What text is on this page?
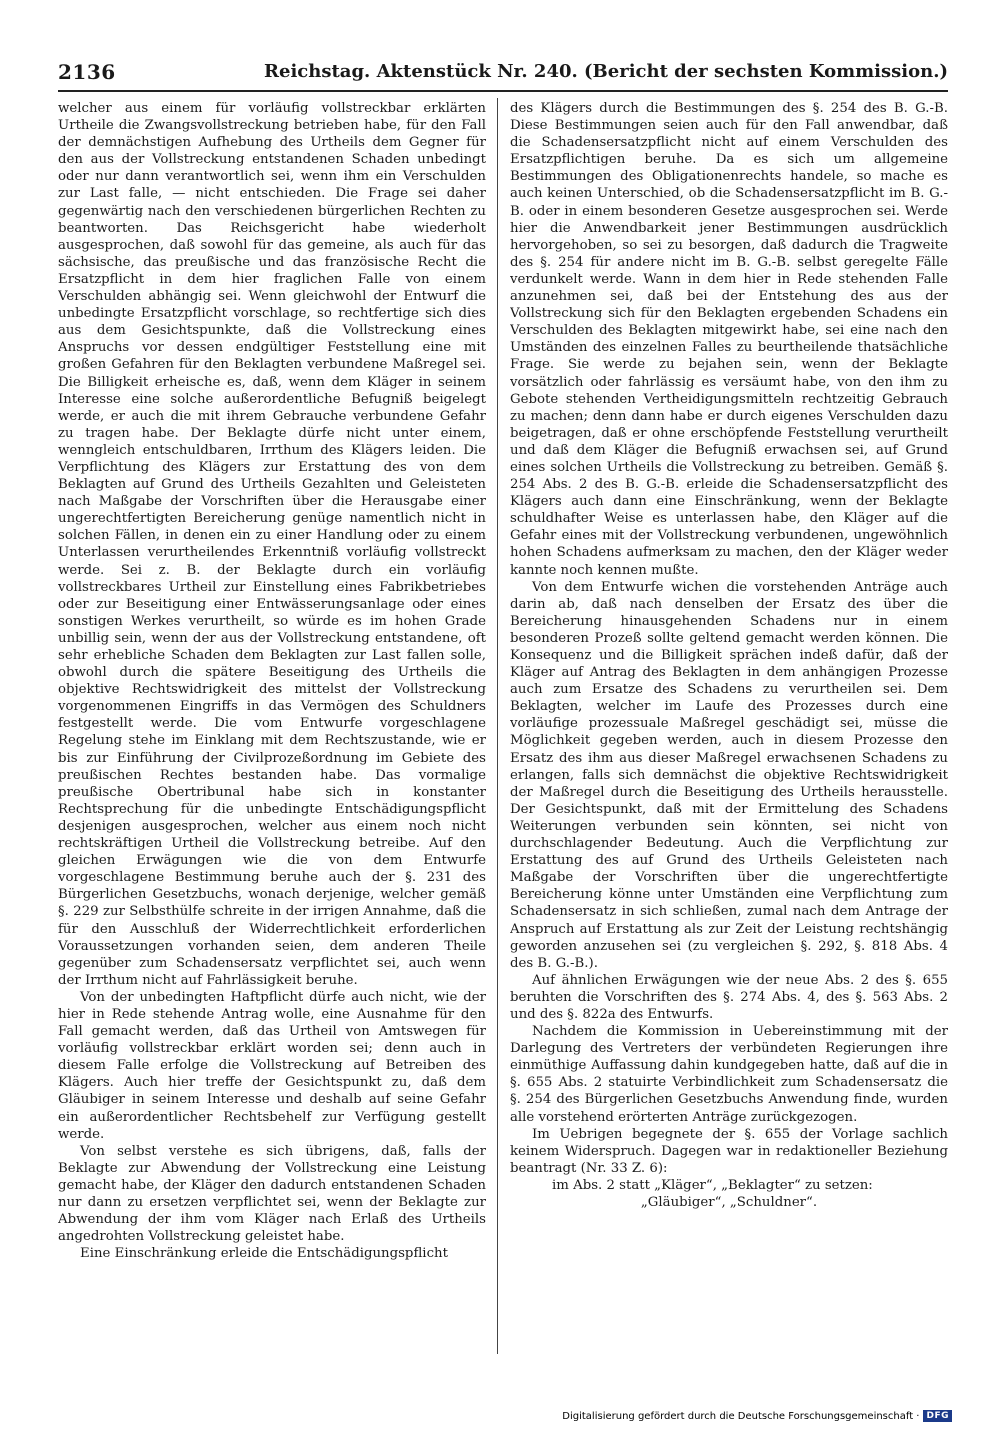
2136	Reichstag. Aktenstück Nr. 240. (Bericht der sechsten Kommission.)

welcher aus einem für vorläufig vollstreckbar erklärten Urtheile die Zwangsvollstreckung betrieben habe, für den Fall der demnächstigen Aufhebung des Urtheils dem Gegner für den aus der Vollstreckung entstandenen Schaden unbedingt oder nur dann verantwortlich sei, wenn ihm ein Verschulden zur Last falle, — nicht entschieden. Die Frage sei daher gegenwärtig nach den verschiedenen bürgerlichen Rechten zu beantworten. Das Reichsgericht habe wiederholt ausgesprochen, daß sowohl für das gemeine, als auch für das sächsische, das preußische und das französische Recht die Ersatzpflicht in dem hier fraglichen Falle von einem Verschulden abhängig sei. Wenn gleichwohl der Entwurf die unbedingte Ersatzpflicht vorschlage, so rechtfertige sich dies aus dem Gesichtspunkte, daß die Vollstreckung eines Anspruchs vor dessen endgültiger Feststellung eine mit großen Gefahren für den Beklagten verbundene Maßregel sei. Die Billigkeit erheische es, daß, wenn dem Kläger in seinem Interesse eine solche außerordentliche Befugniß beigelegt werde, er auch die mit ihrem Gebrauche verbundene Gefahr zu tragen habe. Der Beklagte dürfe nicht unter einem, wenngleich entschuldbaren, Irrthum des Klägers leiden. Die Verpflichtung des Klägers zur Erstattung des von dem Beklagten auf Grund des Urtheils Gezahlten und Geleisteten nach Maßgabe der Vorschriften über die Herausgabe einer ungerechtfertigten Bereicherung genüge namentlich nicht in solchen Fällen, in denen ein zu einer Handlung oder zu einem Unterlassen verurtheilendes Erkenntniß vorläufig vollstreckt werde. Sei z. B. der Beklagte durch ein vorläufig vollstreckbares Urtheil zur Einstellung eines Fabrikbetriebes oder zur Beseitigung einer Entwässerungsanlage oder eines sonstigen Werkes verurtheilt, so würde es im hohen Grade unbillig sein, wenn der aus der Vollstreckung entstandene, oft sehr erhebliche Schaden dem Beklagten zur Last fallen solle, obwohl durch die spätere Beseitigung des Urtheils die objektive Rechtswidrigkeit des mittelst der Vollstreckung vorgenommenen Eingriffs in das Vermögen des Schuldners festgestellt werde. Die vom Entwurfe vorgeschlagene Regelung stehe im Einklang mit dem Rechtszustande, wie er bis zur Einführung der Civilprozeßordnung im Gebiete des preußischen Rechtes bestanden habe. Das vormalige preußische Obertribunal habe sich in konstanter Rechtsprechung für die unbedingte Entschädigungspflicht desjenigen ausgesprochen, welcher aus einem noch nicht rechtskräftigen Urtheil die Vollstreckung betreibe. Auf den gleichen Erwägungen wie die von dem Entwurfe vorgeschlagene Bestimmung beruhe auch der §. 231 des Bürgerlichen Gesetzbuchs, wonach derjenige, welcher gemäß §. 229 zur Selbsthülfe schreite in der irrigen Annahme, daß die für den Ausschluß der Widerrechtlichkeit erforderlichen Voraussetzungen vorhanden seien, dem anderen Theile gegenüber zum Schadensersatz verpflichtet sei, auch wenn der Irrthum nicht auf Fahrlässigkeit beruhe.

Von der unbedingten Haftpflicht dürfe auch nicht, wie der hier in Rede stehende Antrag wolle, eine Ausnahme für den Fall gemacht werden, daß das Urtheil von Amtswegen für vorläufig vollstreckbar erklärt worden sei; denn auch in diesem Falle erfolge die Vollstreckung auf Betreiben des Klägers. Auch hier treffe der Gesichtspunkt zu, daß dem Gläubiger in seinem Interesse und deshalb auf seine Gefahr ein außerordentlicher Rechtsbehelf zur Verfügung gestellt werde.

Von selbst verstehe es sich übrigens, daß, falls der Beklagte zur Abwendung der Vollstreckung eine Leistung gemacht habe, der Kläger den dadurch entstandenen Schaden nur dann zu ersetzen verpflichtet sei, wenn der Beklagte zur Abwendung der ihm vom Kläger nach Erlaß des Urtheils angedrohten Vollstreckung geleistet habe.

Eine Einschränkung erleide die Entschädigungspflicht

des Klägers durch die Bestimmungen des §. 254 des B. G.-B. Diese Bestimmungen seien auch für den Fall anwendbar, daß die Schadensersatzpflicht nicht auf einem Verschulden des Ersatzpflichtigen beruhe. Da es sich um allgemeine Bestimmungen des Obligationenrechts handele, so mache es auch keinen Unterschied, ob die Schadensersatzpflicht im B. G.-B. oder in einem besonderen Gesetze ausgesprochen sei. Werde hier die Anwendbarkeit jener Bestimmungen ausdrücklich hervorgehoben, so sei zu besorgen, daß dadurch die Tragweite des §. 254 für andere nicht im B. G.-B. selbst geregelte Fälle verdunkelt werde. Wann in dem hier in Rede stehenden Falle anzunehmen sei, daß bei der Entstehung des aus der Vollstreckung sich für den Beklagten ergebenden Schadens ein Verschulden des Beklagten mitgewirkt habe, sei eine nach den Umständen des einzelnen Falles zu beurtheilende thatsächliche Frage. Sie werde zu bejahen sein, wenn der Beklagte vorsätzlich oder fahrlässig es versäumt habe, von den ihm zu Gebote stehenden Vertheidigungsmitteln rechtzeitig Gebrauch zu machen; denn dann habe er durch eigenes Verschulden dazu beigetragen, daß er ohne erschöpfende Feststellung verurtheilt und daß dem Kläger die Befugniß erwachsen sei, auf Grund eines solchen Urtheils die Vollstreckung zu betreiben. Gemäß §. 254 Abs. 2 des B. G.-B. erleide die Schadensersatzpflicht des Klägers auch dann eine Einschränkung, wenn der Beklagte schuldhafter Weise es unterlassen habe, den Kläger auf die Gefahr eines mit der Vollstreckung verbundenen, ungewöhnlich hohen Schadens aufmerksam zu machen, den der Kläger weder kannte noch kennen mußte.

Von dem Entwurfe wichen die vorstehenden Anträge auch darin ab, daß nach denselben der Ersatz des über die Bereicherung hinausgehenden Schadens nur in einem besonderen Prozeß sollte geltend gemacht werden können. Die Konsequenz und die Billigkeit sprächen indeß dafür, daß der Kläger auf Antrag des Beklagten in dem anhängigen Prozesse auch zum Ersatze des Schadens zu verurtheilen sei. Dem Beklagten, welcher im Laufe des Prozesses durch eine vorläufige prozessuale Maßregel geschädigt sei, müsse die Möglichkeit gegeben werden, auch in diesem Prozesse den Ersatz des ihm aus dieser Maßregel erwachsenen Schadens zu erlangen, falls sich demnächst die objektive Rechtswidrigkeit der Maßregel durch die Beseitigung des Urtheils herausstelle. Der Gesichtspunkt, daß mit der Ermittelung des Schadens Weiterungen verbunden sein könnten, sei nicht von durchschlagender Bedeutung. Auch die Verpflichtung zur Erstattung des auf Grund des Urtheils Geleisteten nach Maßgabe der Vorschriften über die ungerechtfertigte Bereicherung könne unter Umständen eine Verpflichtung zum Schadensersatz in sich schließen, zumal nach dem Antrage der Anspruch auf Erstattung als zur Zeit der Leistung rechtshängig geworden anzusehen sei (zu vergleichen §. 292, §. 818 Abs. 4 des B. G.-B.).

Auf ähnlichen Erwägungen wie der neue Abs. 2 des §. 655 beruhten die Vorschriften des §. 274 Abs. 4, des §. 563 Abs. 2 und des §. 822a des Entwurfs.

Nachdem die Kommission in Uebereinstimmung mit der Darlegung des Vertreters der verbündeten Regierungen ihre einmüthige Auffassung dahin kundgegeben hatte, daß auf die in §. 655 Abs. 2 statuirte Verbindlichkeit zum Schadensersatz die §. 254 des Bürgerlichen Gesetzbuchs Anwendung finde, wurden alle vorstehend erörterten Anträge zurückgezogen.

Im Uebrigen begegnete der §. 655 der Vorlage sachlich keinem Widerspruch. Dagegen war in redaktioneller Beziehung beantragt (Nr. 33 Z. 6):

im Abs. 2 statt „Kläger“, „Beklagter“ zu setzen:

„Gläubiger“, „Schuldner“.

Digitalisierung gefördert durch die Deutsche Forschungsgemeinschaft · DFG
